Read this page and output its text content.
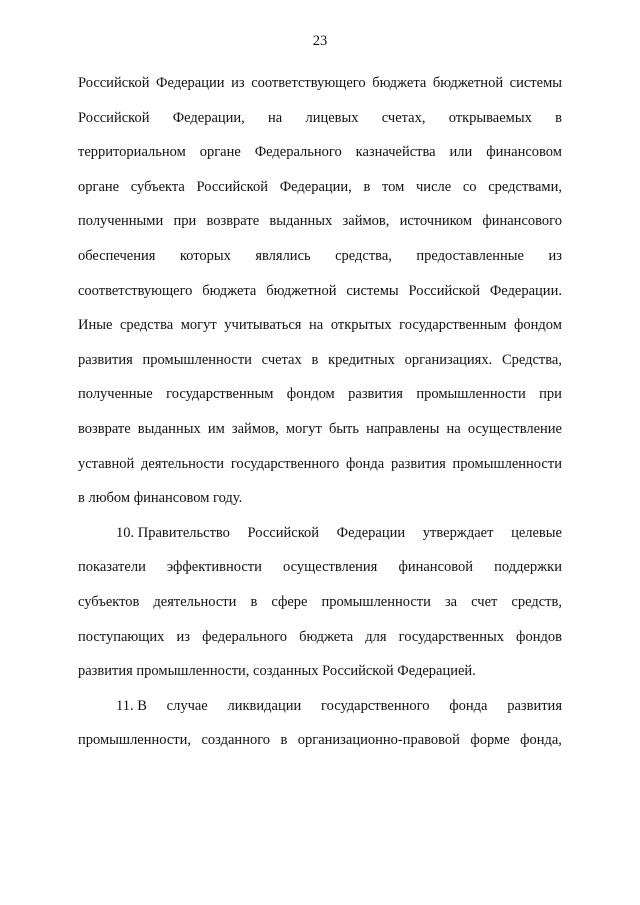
23
Российской Федерации из соответствующего бюджета бюджетной системы
Российской Федерации, на лицевых счетах, открываемых в
территориальном органе Федерального казначейства или финансовом
органе субъекта Российской Федерации, в том числе со средствами,
полученными при возврате выданных займов, источником финансового
обеспечения которых являлись средства, предоставленные из
соответствующего бюджета бюджетной системы Российской Федерации.
Иные средства могут учитываться на открытых государственным фондом
развития промышленности счетах в кредитных организациях. Средства,
полученные государственным фондом развития промышленности при
возврате выданных им займов, могут быть направлены на осуществление
уставной деятельности государственного фонда развития промышленности
в любом финансовом году.
10. Правительство Российской Федерации утверждает целевые
показатели эффективности осуществления финансовой поддержки
субъектов деятельности в сфере промышленности за счет средств,
поступающих из федерального бюджета для государственных фондов
развития промышленности, созданных Российской Федерацией.
11. В случае ликвидации государственного фонда развития
промышленности, созданного в организационно-правовой форме фонда,
